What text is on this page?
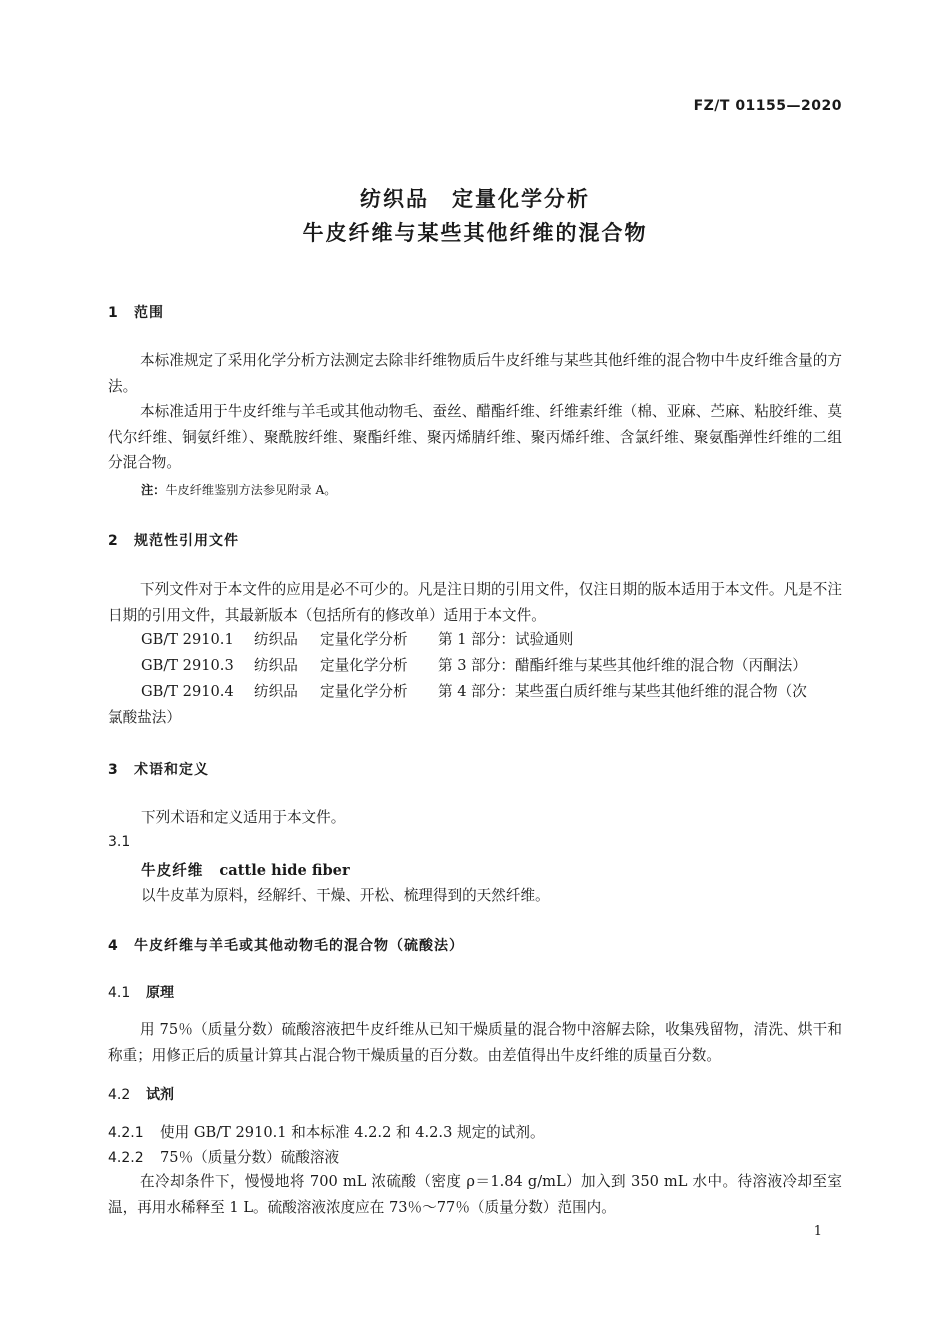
FZ/T 01155—2020
纺织品　定量化学分析
牛皮纤维与某些其他纤维的混合物
1 范围
本标准规定了采用化学分析方法测定去除非纤维物质后牛皮纤维与某些其他纤维的混合物中牛皮纤维含量的方法。
本标准适用于牛皮纤维与羊毛或其他动物毛、蚕丝、醋酯纤维、纤维素纤维（棉、亚麻、苎麻、粘胶纤维、莫代尔纤维、铜氨纤维）、聚酰胺纤维、聚酯纤维、聚丙烯腈纤维、聚丙烯纤维、含氯纤维、聚氨酯弹性纤维的二组分混合物。
注：牛皮纤维鉴别方法参见附录 A。
2 规范性引用文件
下列文件对于本文件的应用是必不可少的。凡是注日期的引用文件，仅注日期的版本适用于本文件。凡是不注日期的引用文件，其最新版本（包括所有的修改单）适用于本文件。
GB/T 2910.1 纺织品 定量化学分析 第 1 部分：试验通则
GB/T 2910.3 纺织品 定量化学分析 第 3 部分：醋酯纤维与某些其他纤维的混合物（丙酮法）
GB/T 2910.4 纺织品 定量化学分析 第 4 部分：某些蛋白质纤维与某些其他纤维的混合物（次
氯酸盐法）
3 术语和定义
下列术语和定义适用于本文件。
3.1
牛皮纤维 cattle hide fiber
以牛皮革为原料，经解纤、干燥、开松、梳理得到的天然纤维。
4 牛皮纤维与羊毛或其他动物毛的混合物（硫酸法）
4.1 原理
用 75％（质量分数）硫酸溶液把牛皮纤维从已知干燥质量的混合物中溶解去除，收集残留物，清洗、烘干和称重；用修正后的质量计算其占混合物干燥质量的百分数。由差值得出牛皮纤维的质量百分数。
4.2 试剂
4.2.1 使用 GB/T 2910.1 和本标准 4.2.2 和 4.2.3 规定的试剂。
4.2.2 75％（质量分数）硫酸溶液
在冷却条件下，慢慢地将 700 mL 浓硫酸（密度 ρ＝1.84 g/mL）加入到 350 mL 水中。待溶液冷却至室温，再用水稀释至 1 L。硫酸溶液浓度应在 73％～77％（质量分数）范围内。
1
